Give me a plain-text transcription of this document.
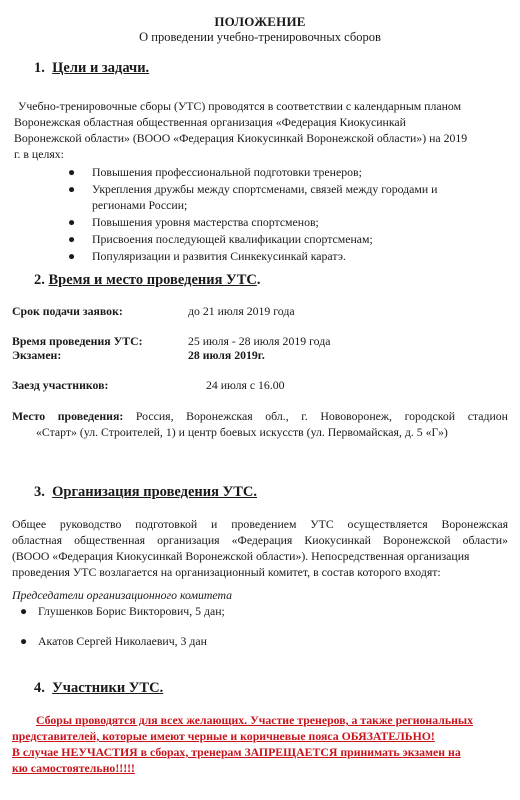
ПОЛОЖЕНИЕ
О проведении учебно-тренировочных сборов
1. Цели и задачи.
Учебно-тренировочные сборы (УТС) проводятся в соответствии с календарным планом
Воронежская областная общественная организация «Федерация Киокусинкай
Воронежской области» (ВООО «Федерация Киокусинкай Воронежской области») на 2019
г. в целях:
● Повышения профессиональной подготовки тренеров;
● Укрепления дружбы между спортсменами, связей между городами и
регионами России;
● Повышения уровня мастерства спортсменов;
● Присвоения последующей квалификации спортсменам;
● Популяризации и развития Синкекусинкай каратэ.
2. Время и место проведения УТС.
Срок подачи заявок:	до 21 июля 2019 года
Время проведения УТС:	25 июля - 28 июля 2019 года
Экзамен:	28 июля 2019г.
Заезд участников:	24 июля с 16.00
Место проведения: Россия, Воронежская обл., г. Нововоронеж, городской стадион
«Старт» (ул. Строителей, 1) и центр боевых искусств (ул. Первомайская, д. 5 «Г»)
3. Организация проведения УТС.
Общее руководство подготовкой и проведением УТС осуществляется Воронежская
областная общественная организация «Федерация Киокусинкай Воронежской области»
(ВООО «Федерация Киокусинкай Воронежской области»). Непосредственная организация
проведения УТС возлагается на организационный комитет, в состав которого входят:
Председатели организационного комитета
● Глушенков Борис Викторович, 5 дан;
● Акатов Сергей Николаевич, 3 дан
4. Участники УТС.
Сборы проводятся для всех желающих. Участие тренеров, а также региональных
представителей, которые имеют черные и коричневые пояса ОБЯЗАТЕЛЬНО!
В случае НЕУЧАСТИЯ в сборах, тренерам ЗАПРЕЩАЕТСЯ принимать экзамен на
кю самостоятельно!!!!!
